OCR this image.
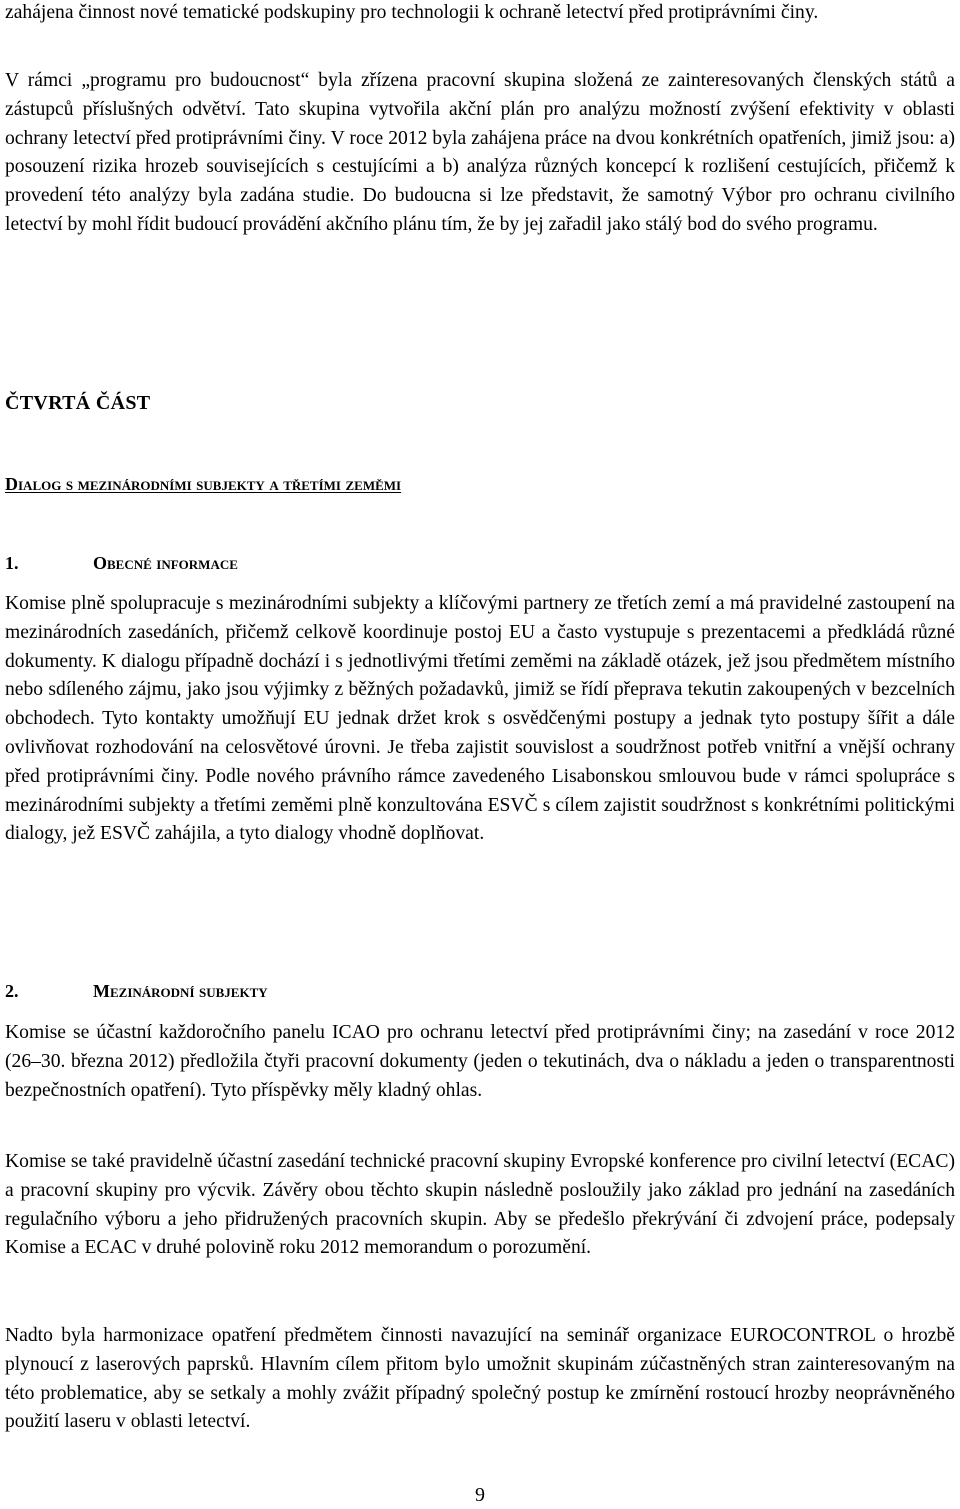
zahájena činnost nové tematické podskupiny pro technologii k ochraně letectví před protiprávními činy.

V rámci „programu pro budoucnost“ byla zřízena pracovní skupina složená ze zainteresovaných členských států a zástupců příslušných odvětví. Tato skupina vytvořila akční plán pro analýzu možností zvýšení efektivity v oblasti ochrany letectví před protiprávními činy. V roce 2012 byla zahájena práce na dvou konkrétních opatřeních, jimiž jsou: a) posouzení rizika hrozeb souvisejících s cestujícími a b) analýza různých koncepcí k rozlišení cestujících, přičemž k provedení této analýzy byla zadána studie. Do budoucna si lze představit, že samotný Výbor pro ochranu civilního letectví by mohl řídit budoucí provádění akčního plánu tím, že by jej zařadil jako stálý bod do svého programu.

ČTVRTÁ ČÁST
Dialog s mezinárodními subjekty a třetími zeměmi
1.	Obecné informace

Komise plně spolupracuje s mezinárodními subjekty a klíčovými partnery ze třetích zemí a má pravidelné zastoupení na mezinárodních zasedáních, přičemž celkově koordinuje postoj EU a často vystupuje s prezentacemi a předkládá různé dokumenty. K dialogu případně dochází i s jednotlivými třetími zeměmi na základě otázek, jež jsou předmětem místního nebo sdíleného zájmu, jako jsou výjimky z běžných požadavků, jimiž se řídí přeprava tekutin zakoupených v bezcelních obchodech. Tyto kontakty umožňují EU jednak držet krok s osvědčenými postupy a jednak tyto postupy šířit a dále ovlivňovat rozhodování na celosvětové úrovni. Je třeba zajistit souvislost a soudržnost potřeb vnitřní a vnější ochrany před protiprávními činy. Podle nového právního rámce zavedeného Lisabonskou smlouvou bude v rámci spolupráce s mezinárodními subjekty a třetími zeměmi plně konzultována ESVČ s cílem zajistit soudržnost s konkrétními politickými dialogy, jež ESVČ zahájila, a tyto dialogy vhodně doplňovat.

2.	Mezinárodní subjekty

Komise se účastní každoročního panelu ICAO pro ochranu letectví před protiprávními činy; na zasedání v roce 2012 (26–30. března 2012) předložila čtyři pracovní dokumenty (jeden o tekutinách, dva o nákladu a jeden o transparentnosti bezpečnostních opatření). Tyto příspěvky měly kladný ohlas.

Komise se také pravidelně účastní zasedání technické pracovní skupiny Evropské konference pro civilní letectví (ECAC) a pracovní skupiny pro výcvik. Závěry obou těchto skupin následně posloužily jako základ pro jednání na zasedáních regulačního výboru a jeho přidružených pracovních skupin. Aby se předešlo překrývání či zdvojení práce, podepsaly Komise a ECAC v druhé polovině roku 2012 memorandum o porozumění.

Nadto byla harmonizace opatření předmětem činnosti navazující na seminář organizace EUROCONTROL o hrozbě plynoucí z laserových paprsků. Hlavním cílem přitom bylo umožnit skupinám zúčastněných stran zainteresovaným na této problematice, aby se setkaly a mohly zvážit případný společný postup ke zmírnění rostoucí hrozby neoprávněného použití laseru v oblasti letectví.

9
